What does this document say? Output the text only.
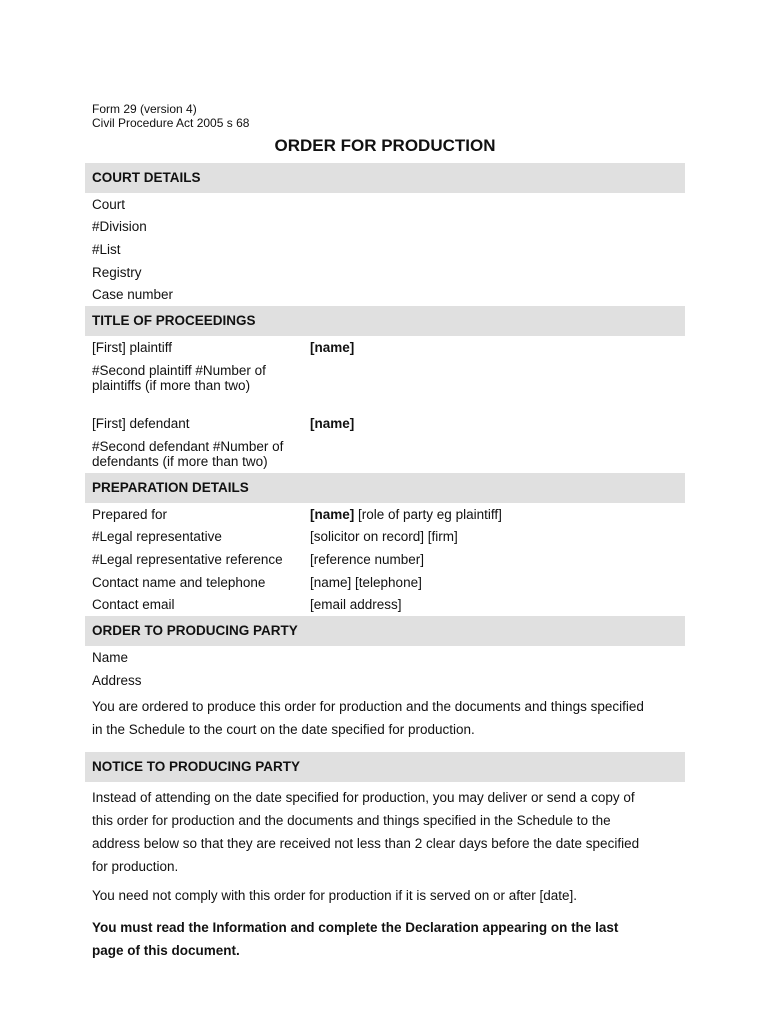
Form 29 (version 4)
Civil Procedure Act 2005 s 68
ORDER FOR PRODUCTION
COURT DETAILS
Court
#Division
#List
Registry
Case number
TITLE OF PROCEEDINGS
[First] plaintiff	[name]
#Second plaintiff #Number of
plaintiffs (if more than two)
[First] defendant	[name]
#Second defendant #Number of
defendants (if more than two)
PREPARATION DETAILS
Prepared for	[name] [role of party eg plaintiff]
#Legal representative	[solicitor on record] [firm]
#Legal representative reference [reference number]
Contact name and telephone	[name] [telephone]
Contact email	[email address]
ORDER TO PRODUCING PARTY
Name
Address
You are ordered to produce this order for production and the documents and things specified
in the Schedule to the court on the date specified for production.
NOTICE TO PRODUCING PARTY
Instead of attending on the date specified for production, you may deliver or send a copy of
this order for production and the documents and things specified in the Schedule to the
address below so that they are received not less than 2 clear days before the date specified
for production.
You need not comply with this order for production if it is served on or after [date].
You must read the Information and complete the Declaration appearing on the last
page of this document.
